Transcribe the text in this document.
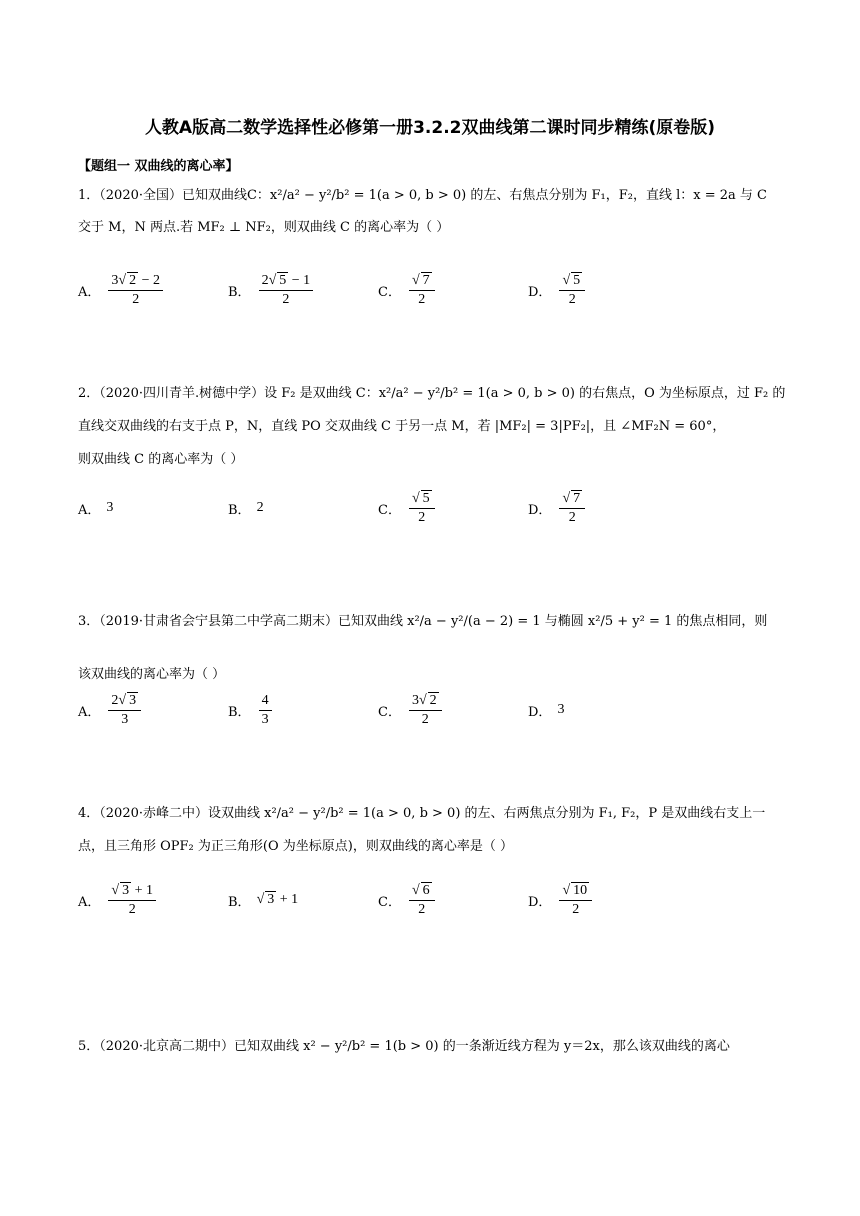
人教A版高二数学选择性必修第一册3.2.2双曲线第二课时同步精练(原卷版)
【题组一 双曲线的离心率】
1．（2020·全国）已知双曲线C：x²/a² − y²/b² = 1(a > 0, b > 0) 的左、右焦点分别为 F₁，F₂，直线 l：x = 2a 与 C
交于 M，N 两点.若 MF₂ ⊥ NF₂，则双曲线 C 的离心率为（ ）
A． $\frac{3 √ 2 - 2}{2}$	B． $\frac{2 √ 5 - 1}{2}$	C． √ $\frac{7}{2}$	D． √ $\frac{5}{2}$
2．（2020·四川青羊.树德中学）设 F₂ 是双曲线 C：x²/a² − y²/b² = 1(a > 0, b > 0) 的右焦点，O 为坐标原点，过 F₂ 的
直线交双曲线的右支于点 P，N，直线 PO 交双曲线 C 于另一点 M，若 |MF₂| = 3|PF₂|，且 ∠MF₂N = 60°，
则双曲线 C 的离心率为（ ）
A． 3	B． 2	C． √ $\frac{5}{2}$	D． √ $\frac{7}{2}$
3．（2019·甘肃省会宁县第二中学高二期末）已知双曲线 x²/a − y²/(a − 2) = 1 与椭圆 x²/5 + y² = 1 的焦点相同，则
该双曲线的离心率为（ ）
A． $\frac{2 √ 3}{3}$	B． $\frac{4}{3}$	C． $\frac{3 √ 2}{2}$	D． 3
4．（2020·赤峰二中）设双曲线 x²/a² − y²/b² = 1(a > 0, b > 0) 的左、右两焦点分别为 F₁, F₂，P 是双曲线右支上一
点，且三角形 OPF₂ 为正三角形(O 为坐标原点)，则双曲线的离心率是（ ）
A． √ $\frac{3 + 1}{2}$	B． √	3 + 1	C． √ $\frac{6}{2}$	D． √ $\frac{10}{2}$
5．（2020·北京高二期中）已知双曲线 x² − y²/b² = 1(b > 0) 的一条渐近线方程为 y＝2x，那么该双曲线的离心
